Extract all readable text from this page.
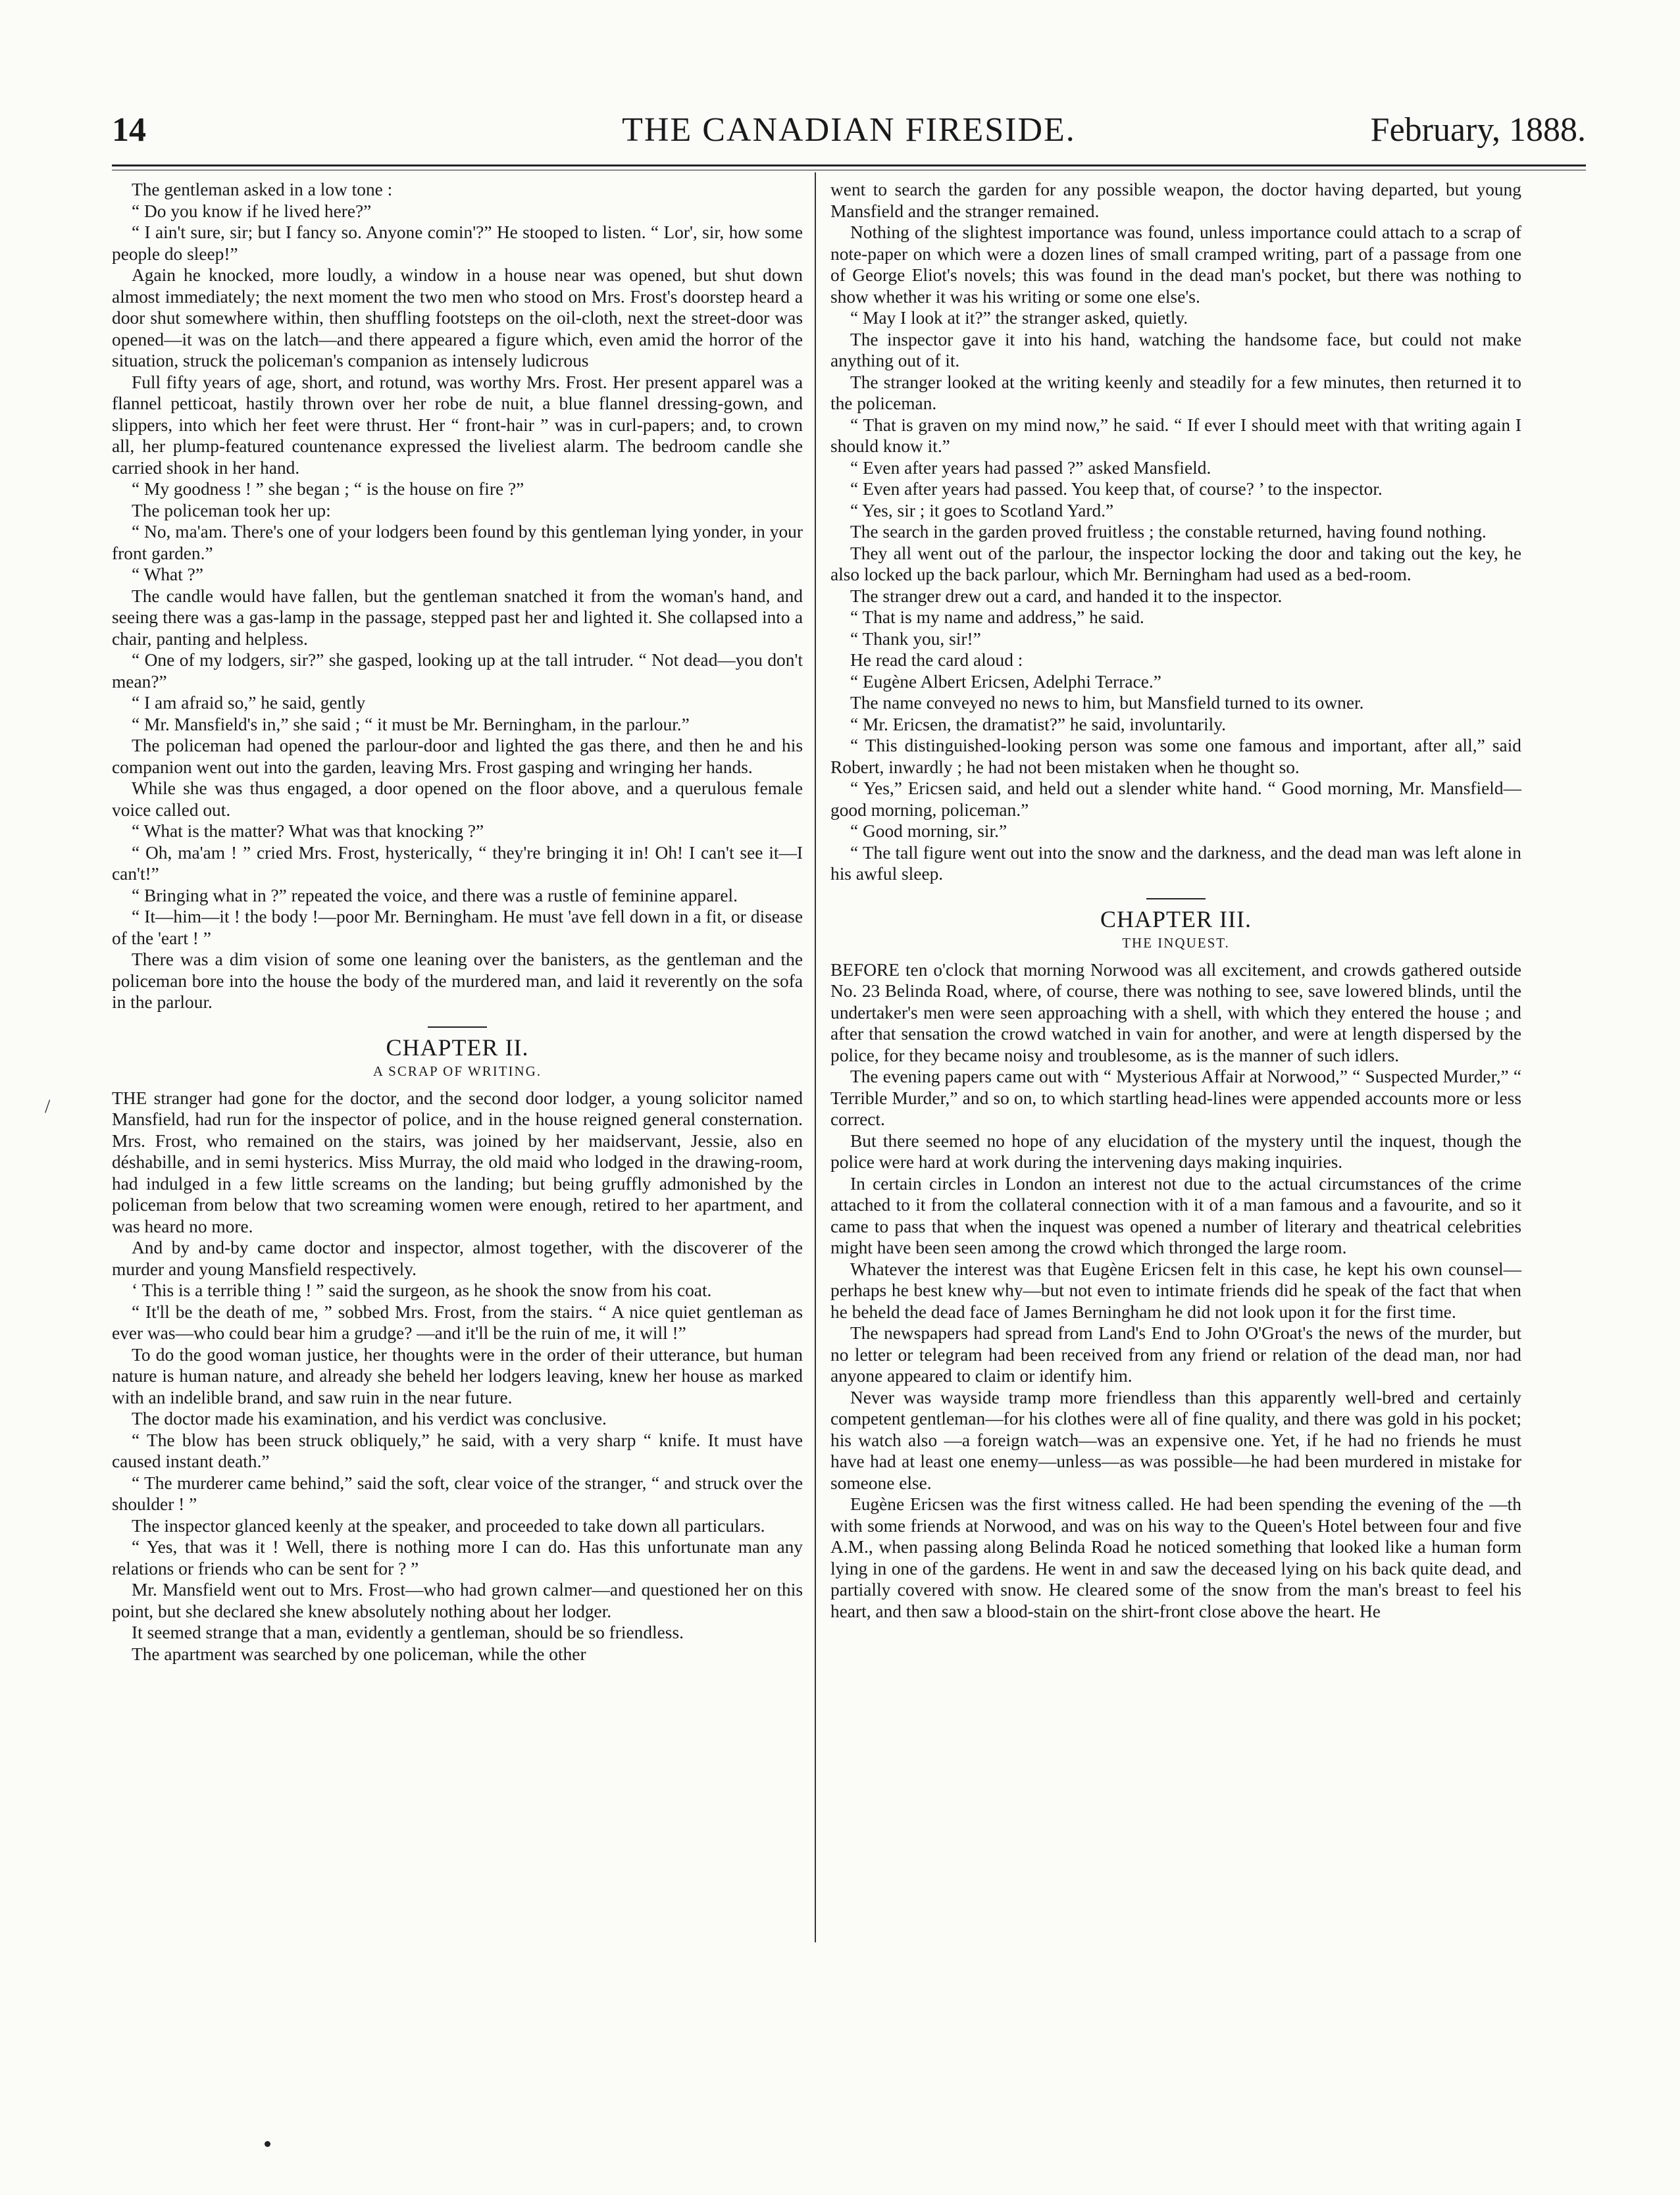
THE CANADIAN FIRESIDE.
14	February, 1888.

The gentleman asked in a low tone :

“ Do you know if he lived here?”

“ I ain't sure, sir; but I fancy so. Anyone comin'?” He stooped to listen. “ Lor', sir, how some people do sleep!”

Again he knocked, more loudly, a window in a house near was opened, but shut down almost immediately; the next moment the two men who stood on Mrs. Frost's doorstep heard a door shut somewhere within, then shuffling footsteps on the oil-cloth, next the street-door was opened—it was on the latch—and there appeared a figure which, even amid the horror of the situation, struck the policeman's companion as intensely ludicrous

Full fifty years of age, short, and rotund, was worthy Mrs. Frost. Her present apparel was a flannel petticoat, hastily thrown over her robe de nuit, a blue flannel dressing-gown, and slippers, into which her feet were thrust. Her “ front-hair ” was in curl-papers; and, to crown all, her plump-featured countenance expressed the liveliest alarm. The bedroom candle she carried shook in her hand.

“ My goodness ! ” she began ; “ is the house on fire ?”

The policeman took her up:

“ No, ma'am. There's one of your lodgers been found by this gentleman lying yonder, in your front garden.”

“ What ?”

The candle would have fallen, but the gentleman snatched it from the woman's hand, and seeing there was a gas-lamp in the passage, stepped past her and lighted it. She collapsed into a chair, panting and helpless.

“ One of my lodgers, sir?” she gasped, looking up at the tall intruder. “ Not dead—you don't mean?”

“ I am afraid so,” he said, gently

“ Mr. Mansfield's in,” she said ; “ it must be Mr. Berningham, in the parlour.”

The policeman had opened the parlour-door and lighted the gas there, and then he and his companion went out into the garden, leaving Mrs. Frost gasping and wringing her hands.

While she was thus engaged, a door opened on the floor above, and a querulous female voice called out.

“ What is the matter? What was that knocking ?”

“ Oh, ma'am ! ” cried Mrs. Frost, hysterically, “ they're bringing it in! Oh! I can't see it—I can't!”

“ Bringing what in ?” repeated the voice, and there was a rustle of feminine apparel.

“ It—him—it ! the body !—poor Mr. Berningham. He must 'ave fell down in a fit, or disease of the 'eart ! ”

There was a dim vision of some one leaning over the banisters, as the gentleman and the policeman bore into the house the body of the murdered man, and laid it reverently on the sofa in the parlour.

CHAPTER II.
A SCRAP OF WRITING.

THE stranger had gone for the doctor, and the second door lodger, a young solicitor named Mansfield, had run for the inspector of police, and in the house reigned general consternation. Mrs. Frost, who remained on the stairs, was joined by her maidservant, Jessie, also en déshabille, and in semi hysterics. Miss Murray, the old maid who lodged in the drawing-room, had indulged in a few little screams on the landing; but being gruffly admonished by the policeman from below that two screaming women were enough, retired to her apartment, and was heard no more.

And by and-by came doctor and inspector, almost together, with the discoverer of the murder and young Mansfield respectively.

‘ This is a terrible thing ! ” said the surgeon, as he shook the snow from his coat.

“ It'll be the death of me, ” sobbed Mrs. Frost, from the stairs. “ A nice quiet gentleman as ever was—who could bear him a grudge? —and it'll be the ruin of me, it will !”

To do the good woman justice, her thoughts were in the order of their utterance, but human nature is human nature, and already she beheld her lodgers leaving, knew her house as marked with an indelible brand, and saw ruin in the near future.

The doctor made his examination, and his verdict was conclusive.

“ The blow has been struck obliquely,” he said, with a very sharp “ knife. It must have caused instant death.”

“ The murderer came behind,” said the soft, clear voice of the stranger, “ and struck over the shoulder ! ”

The inspector glanced keenly at the speaker, and proceeded to take down all particulars.

“ Yes, that was it ! Well, there is nothing more I can do. Has this unfortunate man any relations or friends who can be sent for ? ”

Mr. Mansfield went out to Mrs. Frost—who had grown calmer—and questioned her on this point, but she declared she knew absolutely nothing about her lodger.

It seemed strange that a man, evidently a gentleman, should be so friendless.

The apartment was searched by one policeman, while the other

went to search the garden for any possible weapon, the doctor having departed, but young Mansfield and the stranger remained.

Nothing of the slightest importance was found, unless importance could attach to a scrap of note-paper on which were a dozen lines of small cramped writing, part of a passage from one of George Eliot's novels; this was found in the dead man's pocket, but there was nothing to show whether it was his writing or some one else's.

“ May I look at it?” the stranger asked, quietly.

The inspector gave it into his hand, watching the handsome face, but could not make anything out of it.

The stranger looked at the writing keenly and steadily for a few minutes, then returned it to the policeman.

“ That is graven on my mind now,” he said. “ If ever I should meet with that writing again I should know it.”

“ Even after years had passed ?” asked Mansfield.

“ Even after years had passed. You keep that, of course? ’ to the inspector.

“ Yes, sir ; it goes to Scotland Yard.”

The search in the garden proved fruitless ; the constable returned, having found nothing.

They all went out of the parlour, the inspector locking the door and taking out the key, he also locked up the back parlour, which Mr. Berningham had used as a bed-room.

The stranger drew out a card, and handed it to the inspector.

“ That is my name and address,” he said.

“ Thank you, sir!”

He read the card aloud :

“ Eugène Albert Ericsen, Adelphi Terrace.”

The name conveyed no news to him, but Mansfield turned to its owner.

“ Mr. Ericsen, the dramatist?” he said, involuntarily.

“ This distinguished-looking person was some one famous and important, after all,” said Robert, inwardly ; he had not been mistaken when he thought so.

“ Yes,” Ericsen said, and held out a slender white hand. “ Good morning, Mr. Mansfield—good morning, policeman.”

“ Good morning, sir.”

“ The tall figure went out into the snow and the darkness, and the dead man was left alone in his awful sleep.

CHAPTER III.
THE INQUEST.

BEFORE ten o'clock that morning Norwood was all excitement, and crowds gathered outside No. 23 Belinda Road, where, of course, there was nothing to see, save lowered blinds, until the undertaker's men were seen approaching with a shell, with which they entered the house ; and after that sensation the crowd watched in vain for another, and were at length dispersed by the police, for they became noisy and troublesome, as is the manner of such idlers.

The evening papers came out with “ Mysterious Affair at Norwood,” “ Suspected Murder,” “ Terrible Murder,” and so on, to which startling head-lines were appended accounts more or less correct.

But there seemed no hope of any elucidation of the mystery until the inquest, though the police were hard at work during the intervening days making inquiries.

In certain circles in London an interest not due to the actual circumstances of the crime attached to it from the collateral connection with it of a man famous and a favourite, and so it came to pass that when the inquest was opened a number of literary and theatrical celebrities might have been seen among the crowd which thronged the large room.

Whatever the interest was that Eugène Ericsen felt in this case, he kept his own counsel—perhaps he best knew why—but not even to intimate friends did he speak of the fact that when he beheld the dead face of James Berningham he did not look upon it for the first time.

The newspapers had spread from Land's End to John O'Groat's the news of the murder, but no letter or telegram had been received from any friend or relation of the dead man, nor had anyone appeared to claim or identify him.

Never was wayside tramp more friendless than this apparently well-bred and certainly competent gentleman—for his clothes were all of fine quality, and there was gold in his pocket; his watch also —a foreign watch—was an expensive one. Yet, if he had no friends he must have had at least one enemy—unless—as was possible—he had been murdered in mistake for someone else.

Eugène Ericsen was the first witness called. He had been spending the evening of the —th with some friends at Norwood, and was on his way to the Queen's Hotel between four and five A.M., when passing along Belinda Road he noticed something that looked like a human form lying in one of the gardens. He went in and saw the deceased lying on his back quite dead, and partially covered with snow. He cleared some of the snow from the man's breast to feel his heart, and then saw a blood-stain on the shirt-front close above the heart. He

/
